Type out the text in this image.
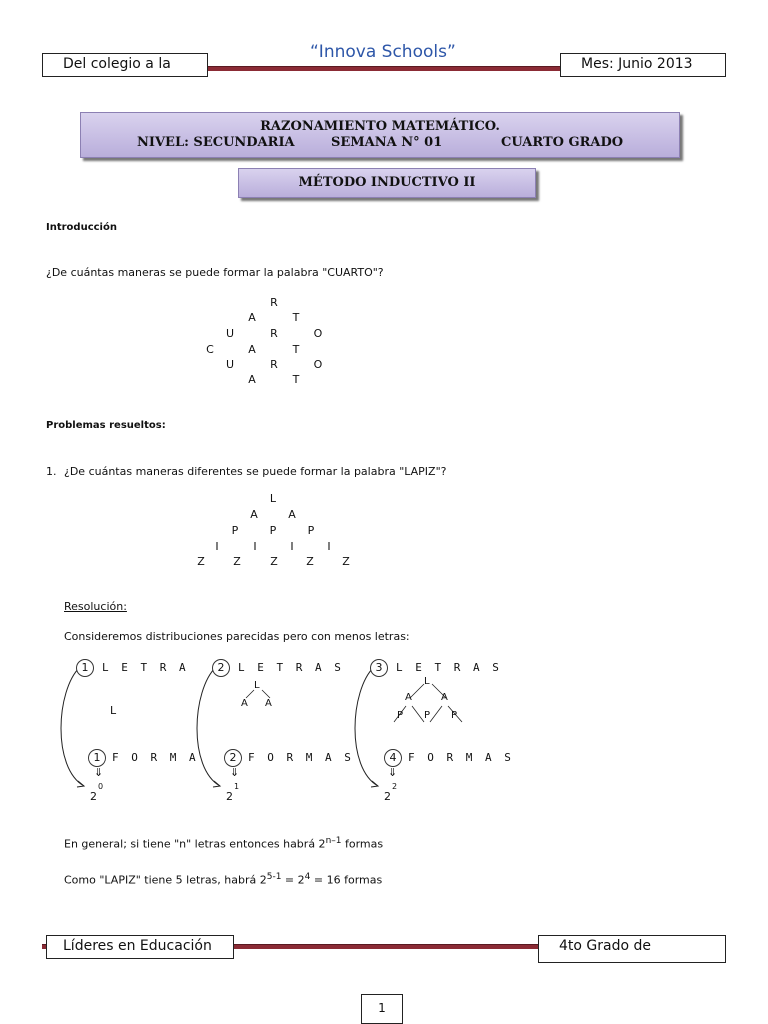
“Innova Schools”
Del colegio a la	Mes: Junio 2013
RAZONAMIENTO MATEMÁTICO.
NIVEL: SECUNDARIA	SEMANA N° 01	CUARTO GRADO
MÉTODO INDUCTIVO II
Introducción
¿De cuántas maneras se puede formar la palabra "CUARTO"?
R
A	T
U	R	O
C	A	T
U	R	O
A	T
Problemas resueltos:
1. ¿De cuántas maneras diferentes se puede formar la palabra "LAPIZ"?
L
A	A
P	P	P
I	I	I	I
Z	Z	Z	Z	Z
Resolución:
Consideremos distribuciones parecidas pero con menos letras:
1	L E T R A
L
1	F O R M A
⇓
2
0
2	L E T R A S
L
A A
2	F O R M A S
⇓
2
1
3	L E T R A S
L
A	A
P P P
4	F O R M A S
⇓
2
2
En general; si tiene "n" letras entonces habrá 2$^{n-1}$ formas
Como "LAPIZ" tiene 5 letras, habrá $2^{5-1} = 2^4 = 16$ formas
Líderes en Educación	4to Grado de
1
